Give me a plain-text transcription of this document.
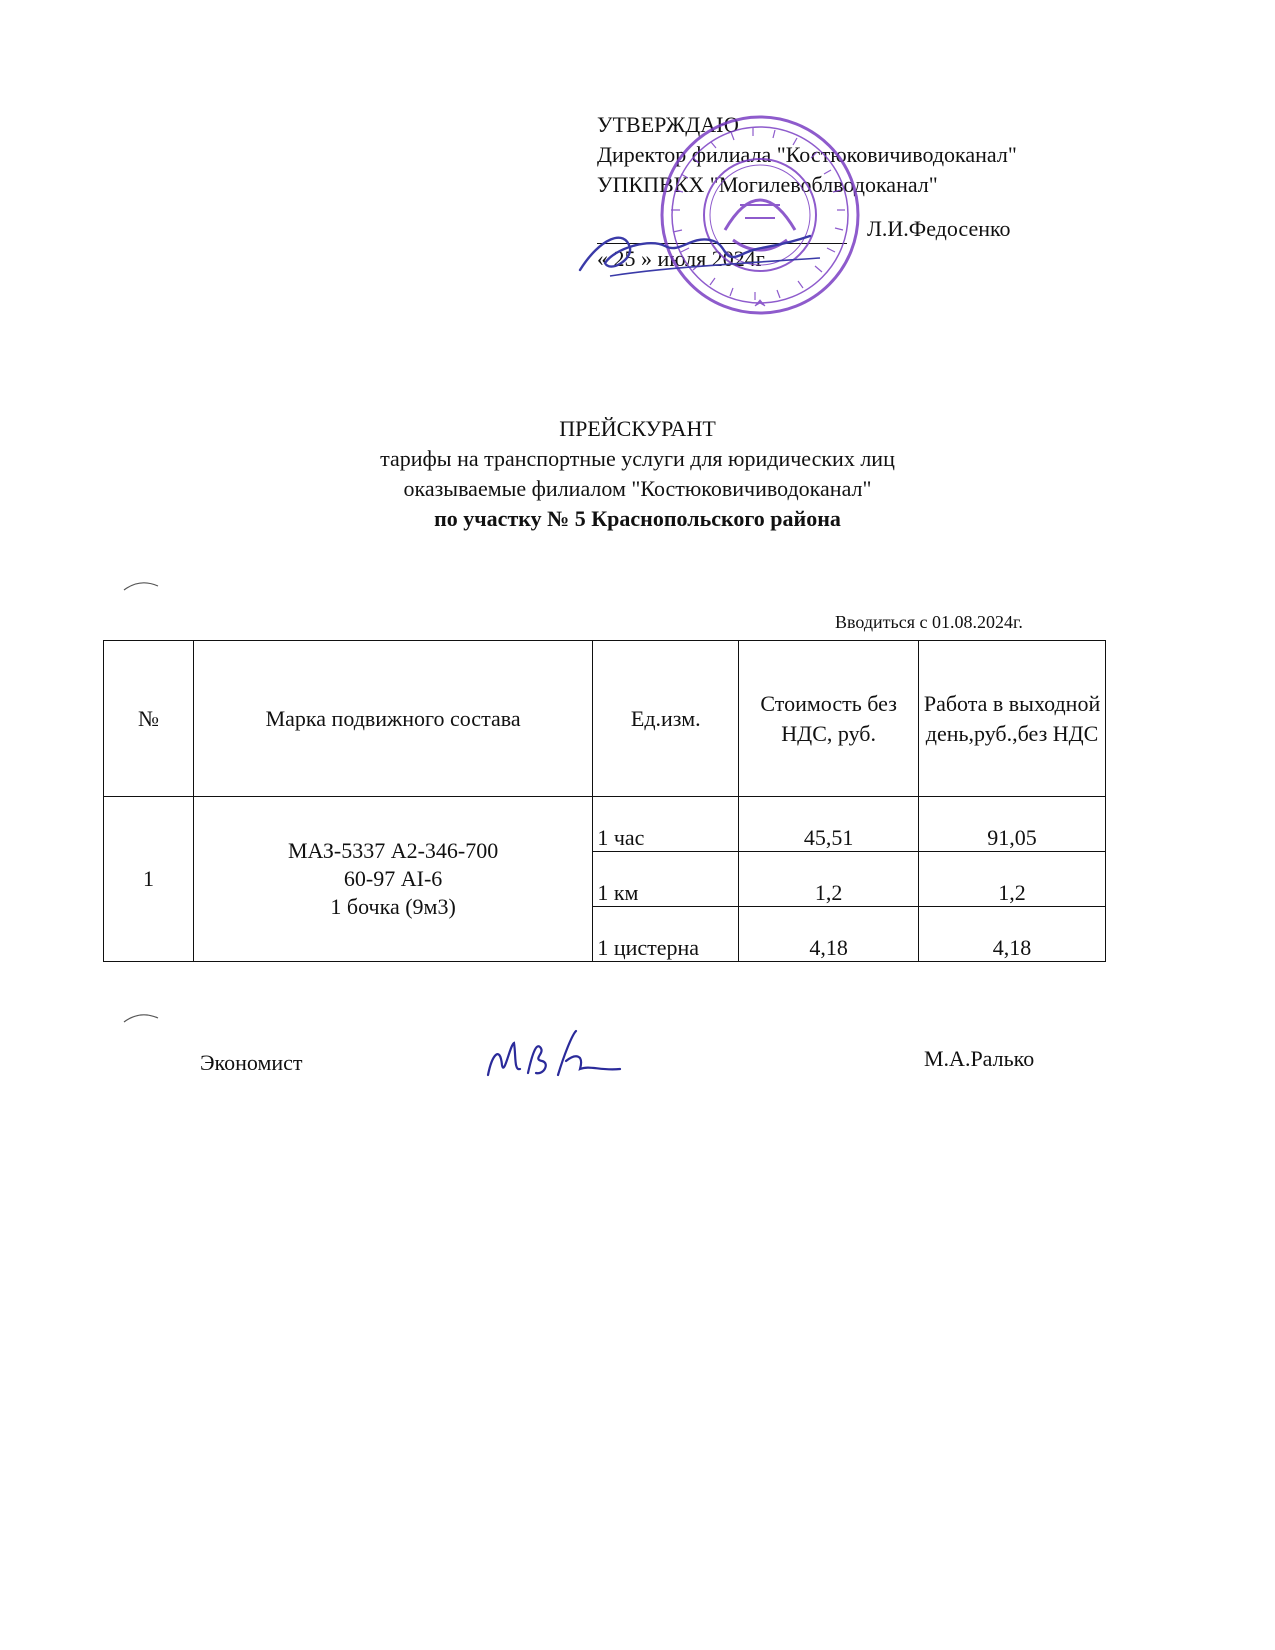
УТВЕРЖДАЮ
Директор филиала "Костюковичиводоканал"
УПКПВКХ "Могилевоблводоканал"
Л.И.Федосенко
« 25 » июля 2024г
ПРЕЙСКУРАНТ
тарифы на транспортные услуги для юридических лиц
оказываемые филиалом "Костюковичиводоканал"
по участку № 5 Краснопольского района
Вводиться с 01.08.2024г.
№	Марка подвижного состава	Ед.изм.	Стоимость без НДС, руб.	Работа в выходной день,руб.,без НДС
1	МАЗ-5337 А2-346-700
60-97 АI-6
1 бочка (9м3)	1 час	45,51	91,05
		1 км	1,2	1,2
		1 цистерна	4,18	4,18
Экономист	М.А.Ралько
